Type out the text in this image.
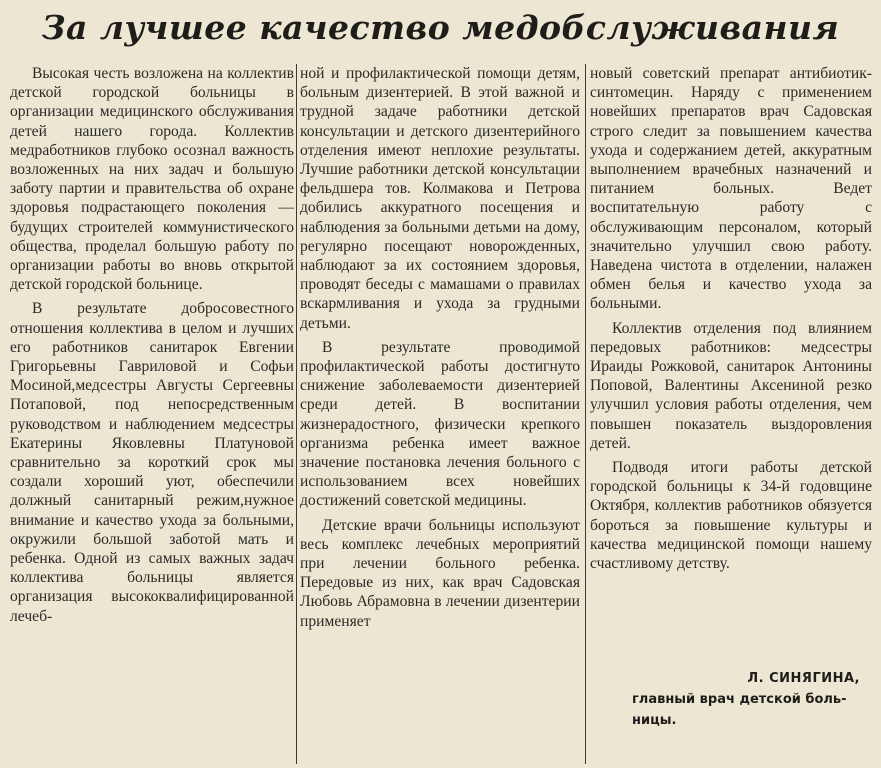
За лучшее качество медобслуживания

Высокая честь возложена на коллектив детской городской больницы в организации медицинского обслуживания детей нашего города. Коллектив медработников глубоко осознал важность возложенных на них задач и большую заботу партии и правительства об охране здоровья подрастающего поколения — будущих строителей коммунистического общества, проделал большую работу по организации работы во вновь открытой детской городской больнице.

В результате добросовестного отношения коллектива в целом и лучших его работников санитарок Евгении Григорьевны Гавриловой и Софьи Мосиной,медсестры Августы Сергеевны Потаповой, под непосредственным руководством и наблюдением медсестры Екатерины Яковлевны Платуновой сравнительно за короткий срок мы создали хороший уют, обеспечили должный санитарный режим,нужное внимание и качество ухода за больными, окружили большой заботой мать и ребенка. Одной из самых важных задач коллектива больницы является организация высококвалифицированной лечеб-

ной и профилактической помощи детям, больным дизентерией. В этой важной и трудной задаче работники детской консультации и детского дизентерийного отделения имеют неплохие результаты. Лучшие работники детской консультации фельдшера тов. Колмакова и Петрова добились аккуратного посещения и наблюдения за больными детьми на дому, регулярно посещают новорожденных, наблюдают за их состоянием здоровья, проводят беседы с мамашами о правилах вскармливания и ухода за грудными детьми.

В результате проводимой профилактической работы достигнуто снижение заболеваемости дизентерией среди детей. В воспитании жизнерадостного, физически крепкого организма ребенка имеет важное значение постановка лечения больного с использованием всех новейших достижений советской медицины.

Детские врачи больницы используют весь комплекс лечебных мероприятий при лечении больного ребенка. Передовые из них, как врач Садовская Любовь Абрамовна в лечении дизентерии применяет

новый советский препарат антибиотик-синтомецин. Наряду с применением новейших препаратов врач Садовская строго следит за повышением качества ухода и содержанием детей, аккуратным выполнением врачебных назначений и питанием больных. Ведет воспитательную работу с обслуживающим персоналом, который значительно улучшил свою работу. Наведена чистота в отделении, налажен обмен белья и качество ухода за больными.

Коллектив отделения под влиянием передовых работников: медсестры Ираиды Рожковой, санитарок Антонины Поповой, Валентины Аксениной резко улучшил условия работы отделения, чем повышен показатель выздоровления детей.

Подводя итоги работы детской городской больницы к 34-й годовщине Октября, коллектив работников обязуется бороться за повышение культуры и качества медицинской помощи нашему счастливому детству.

Л. СИНЯГИНА,
главный врач детской боль-
ницы.
